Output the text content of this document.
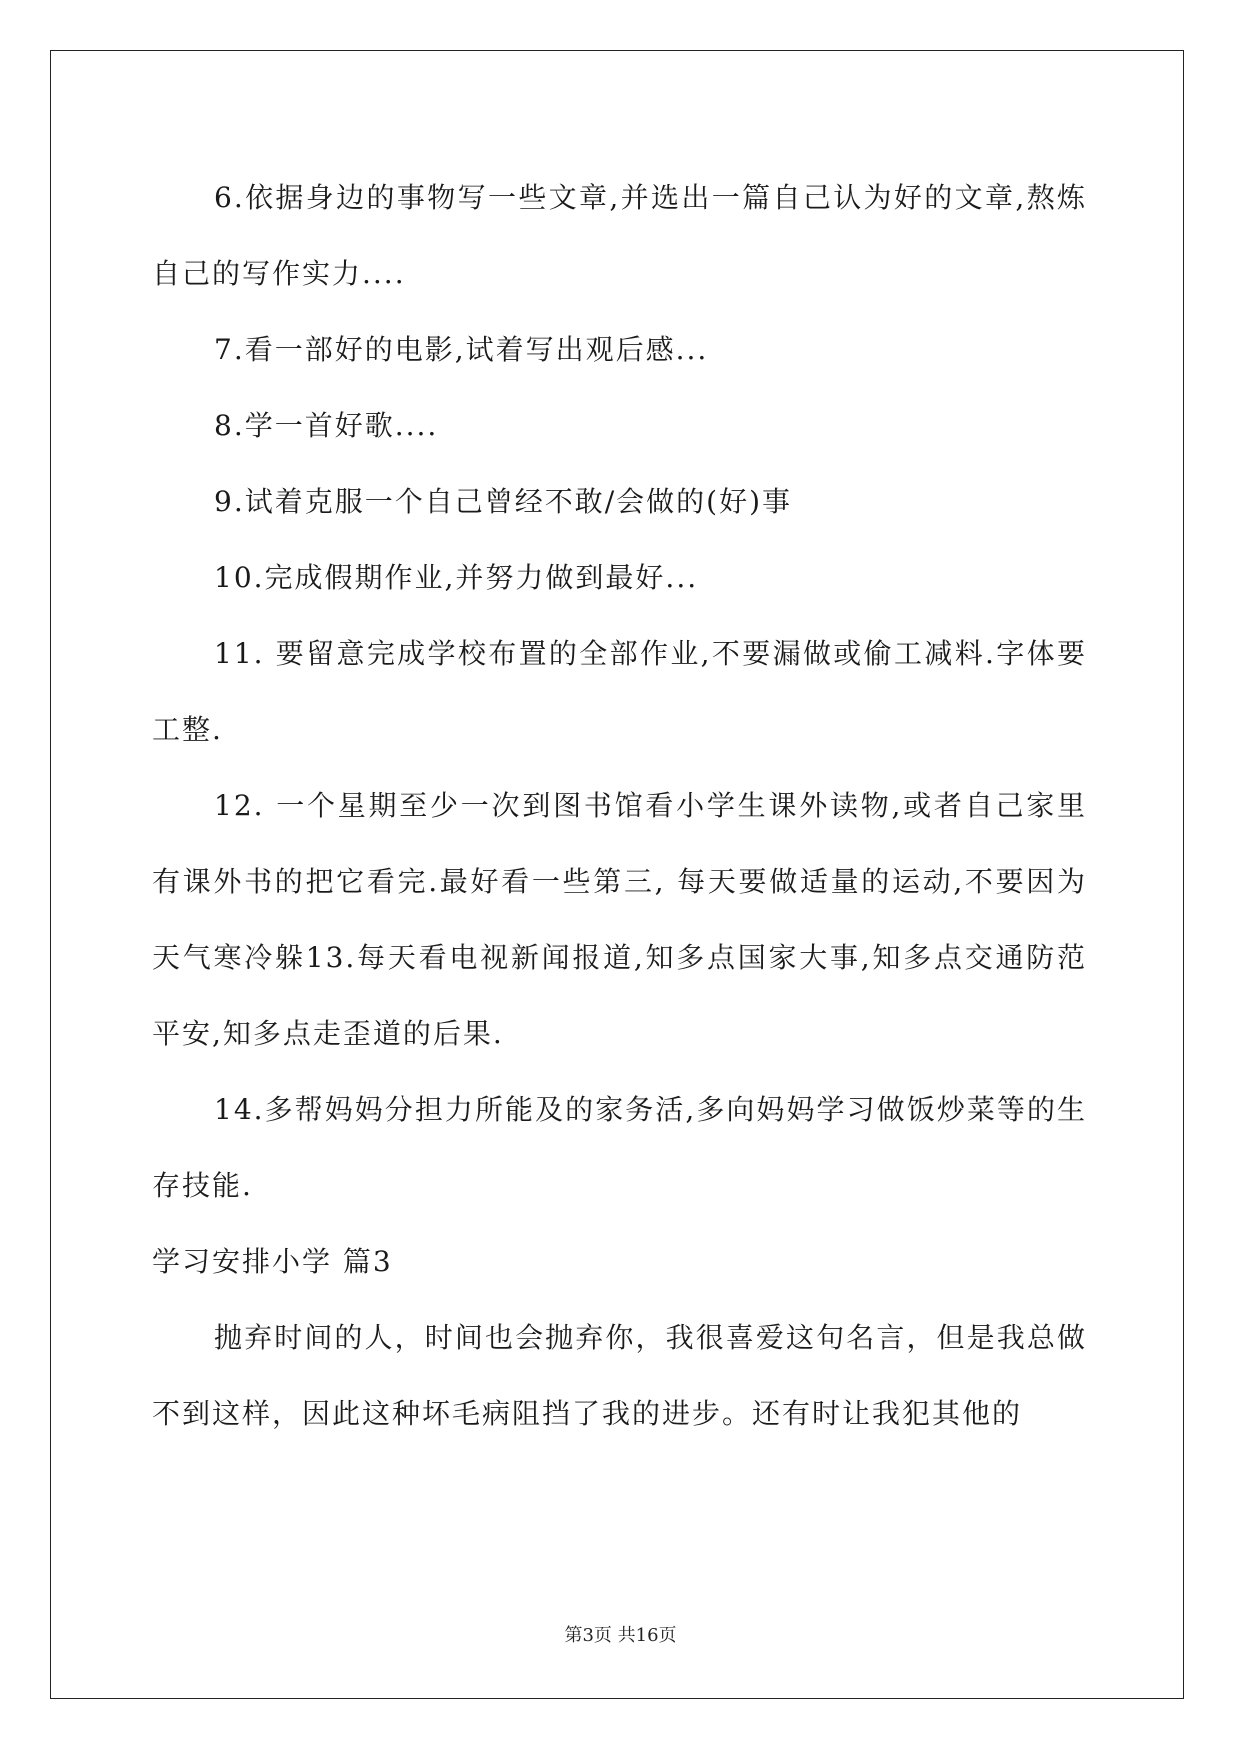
6.依据身边的事物写一些文章,并选出一篇自己认为好的文章,熬炼自己的写作实力....

7.看一部好的电影,试着写出观后感...

8.学一首好歌....

9.试着克服一个自己曾经不敢/会做的(好)事

10.完成假期作业,并努力做到最好...

11. 要留意完成学校布置的全部作业,不要漏做或偷工减料.字体要工整.

12. 一个星期至少一次到图书馆看小学生课外读物,或者自己家里有课外书的把它看完.最好看一些第三, 每天要做适量的运动,不要因为天气寒冷躲13.每天看电视新闻报道,知多点国家大事,知多点交通防范平安,知多点走歪道的后果.

14.多帮妈妈分担力所能及的家务活,多向妈妈学习做饭炒菜等的生存技能.

学习安排小学 篇3

抛弃时间的人，时间也会抛弃你，我很喜爱这句名言，但是我总做不到这样，因此这种坏毛病阻挡了我的进步。还有时让我犯其他的

第3页 共16页
